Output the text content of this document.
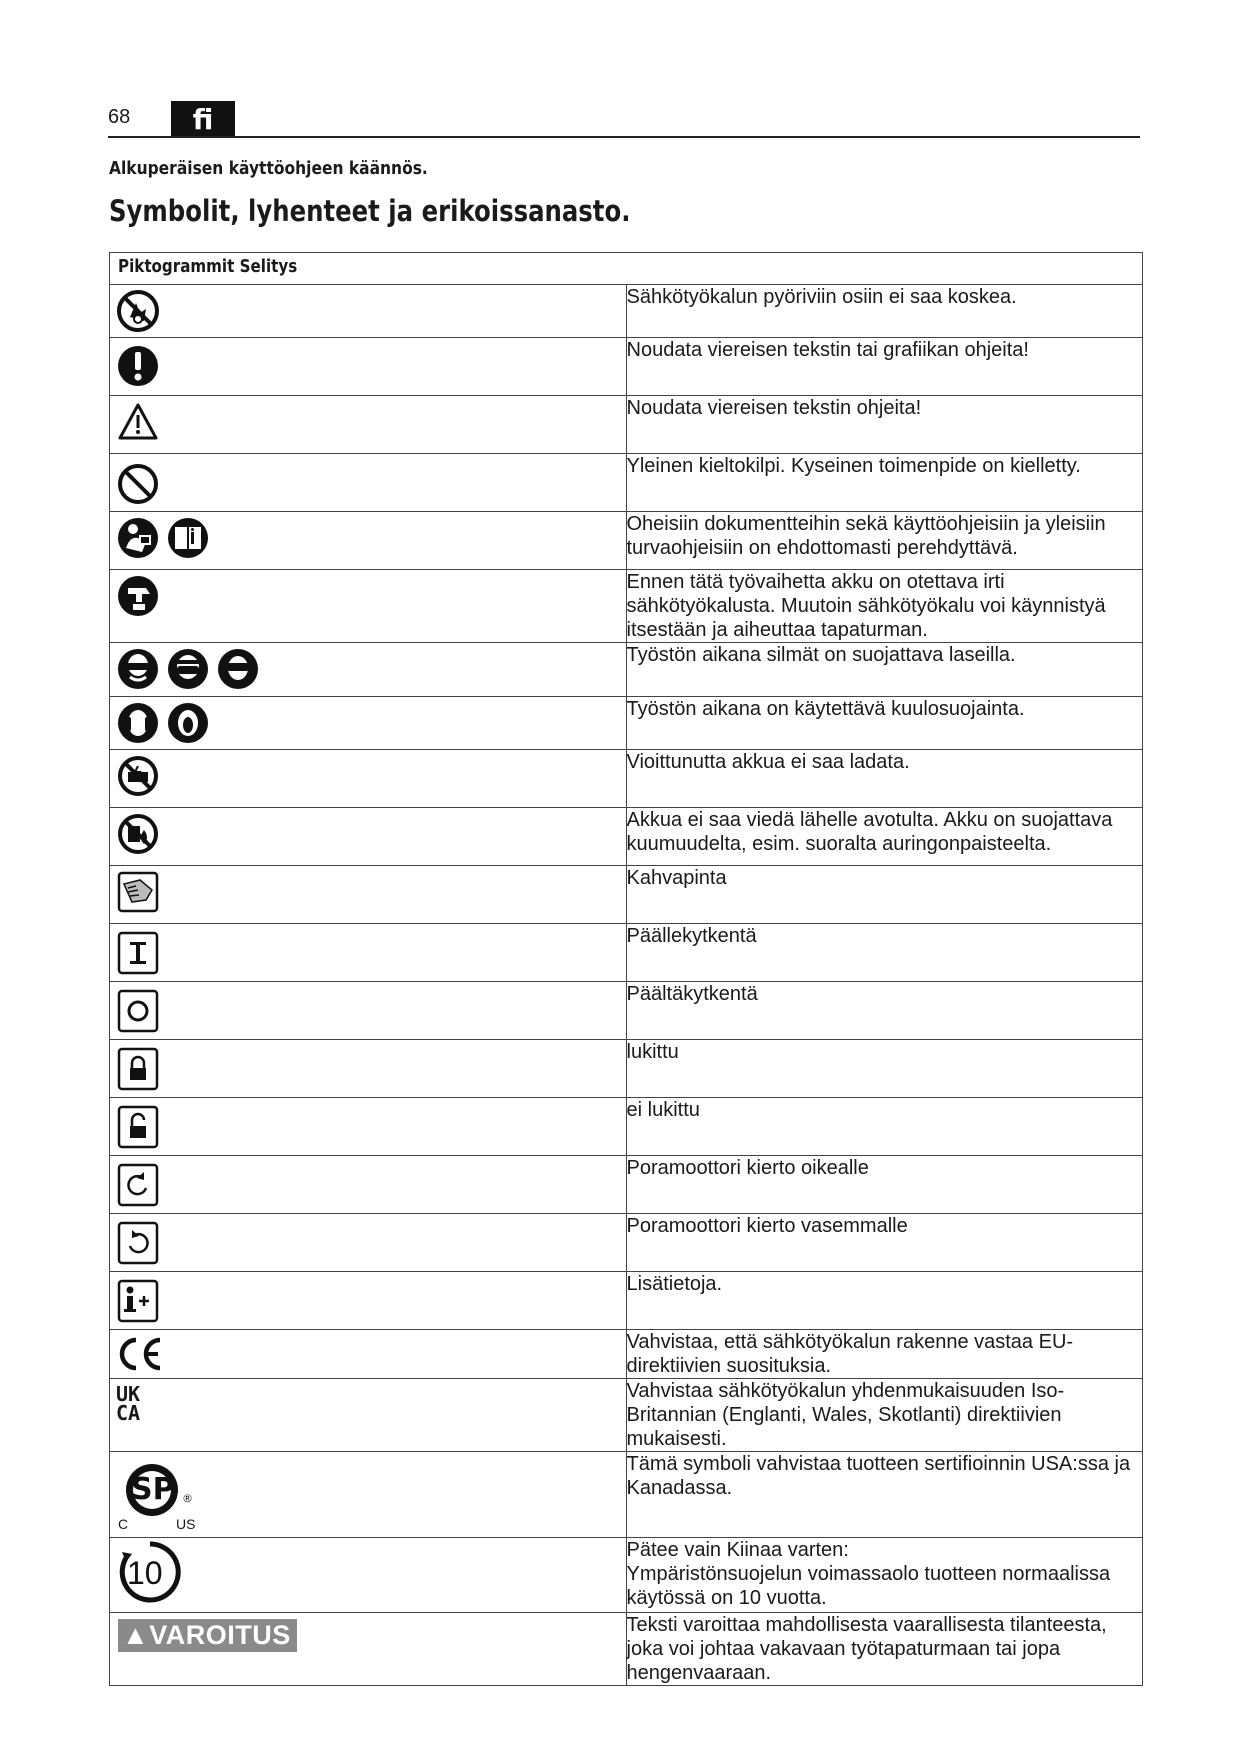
68	fi
Alkuperäisen käyttöohjeen käännös.
Symbolit, lyhenteet ja erikoissanasto.
Piktogrammit Selitys	

	Sähkötyökalun pyöriviin osiin ei saa koskea.

	Noudata viereisen tekstin tai grafiikan ohjeita!

	Noudata viereisen tekstin ohjeita!

	Yleinen kieltokilpi. Kyseinen toimenpide on kielletty.

	Oheisiin dokumentteihin sekä käyttöohjeisiin ja yleisiin turvaohjeisiin on ehdottomasti perehdyttävä.

	Ennen tätä työvaihetta akku on otettava irti sähkötyökalusta. Muutoin sähkötyökalu voi käynnistyä itsestään ja aiheuttaa tapaturman.

	Työstön aikana silmät on suojattava laseilla.

	Työstön aikana on käytettävä kuulosuojainta.

	Vioittunutta akkua ei saa ladata.

	Akkua ei saa viedä lähelle avotulta. Akku on suojattava kuumuudelta, esim. suoralta auringonpaisteelta.

	Kahvapinta

	Päällekytkentä

	Päältäkytkentä

	lukittu

	ei lukittu

	Poramoottori kierto oikealle

	Poramoottori kierto vasemmalle

	Lisätietoja.

	Vahvistaa, että sähkötyökalun rakenne vastaa EU-direktiivien suosituksia.

UK
CA	Vahvistaa sähkötyökalun yhdenmukaisuuden Iso-Britannian (Englanti, Wales, Skotlanti) direktiivien mukaisesti.

SP ®
C US	Tämä symboli vahvistaa tuotteen sertifioinnin USA:ssa ja Kanadassa.

10	Pätee vain Kiinaa varten:
Ympäristönsuojelun voimassaolo tuotteen normaalissa käytössä on 10 vuotta.

▲VAROITUS	Teksti varoittaa mahdollisesta vaarallisesta tilanteesta, joka voi johtaa vakavaan työtapaturmaan tai jopa hengenvaaraan.
